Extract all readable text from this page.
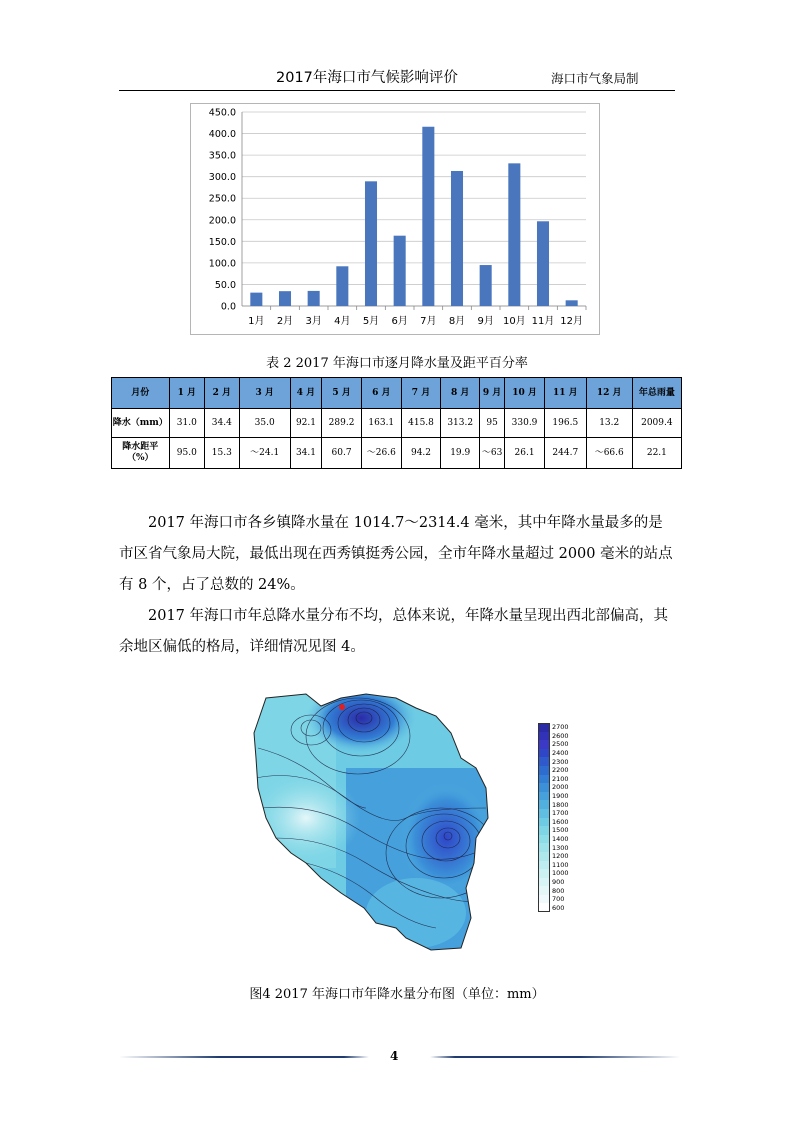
2017年海口市气候影响评价	海口市气象局制
0.0
50.0
100.0
150.0
200.0
250.0
300.0
350.0
400.0
450.0
1月 2月 3月 4月 5月 6月 7月 8月 9月 10月 11月 12月
表 2 2017 年海口市逐月降水量及距平百分率
月份	1 月	2 月	3 月	4 月	5 月	6 月	7 月	8 月	9 月	10 月	11 月	12 月	年总雨量
降水（mm）	31.0	34.4	35.0	92.1	289.2	163.1	415.8	313.2	95	330.9	196.5	13.2	2009.4
降水距平（%）	95.0	15.3	～24.1	34.1	60.7	～26.6	94.2	19.9	～63	26.1	244.7	～66.6	22.1

2017 年海口市各乡镇降水量在 1014.7～2314.4 毫米，其中年降水量最多的是市区省气象局大院，最低出现在西秀镇挺秀公园，全市年降水量超过 2000 毫米的站点有 8 个，占了总数的 24%。

2017 年海口市年总降水量分布不均，总体来说，年降水量呈现出西北部偏高，其余地区偏低的格局，详细情况见图 4。

2700
2600
2500
2400
2300
2200
2100
2000
1900
1800
1700
1600
1500
1400
1300
1200
1100
1000
900
800
700
600
图4 2017 年海口市年降水量分布图（单位：mm）
4
